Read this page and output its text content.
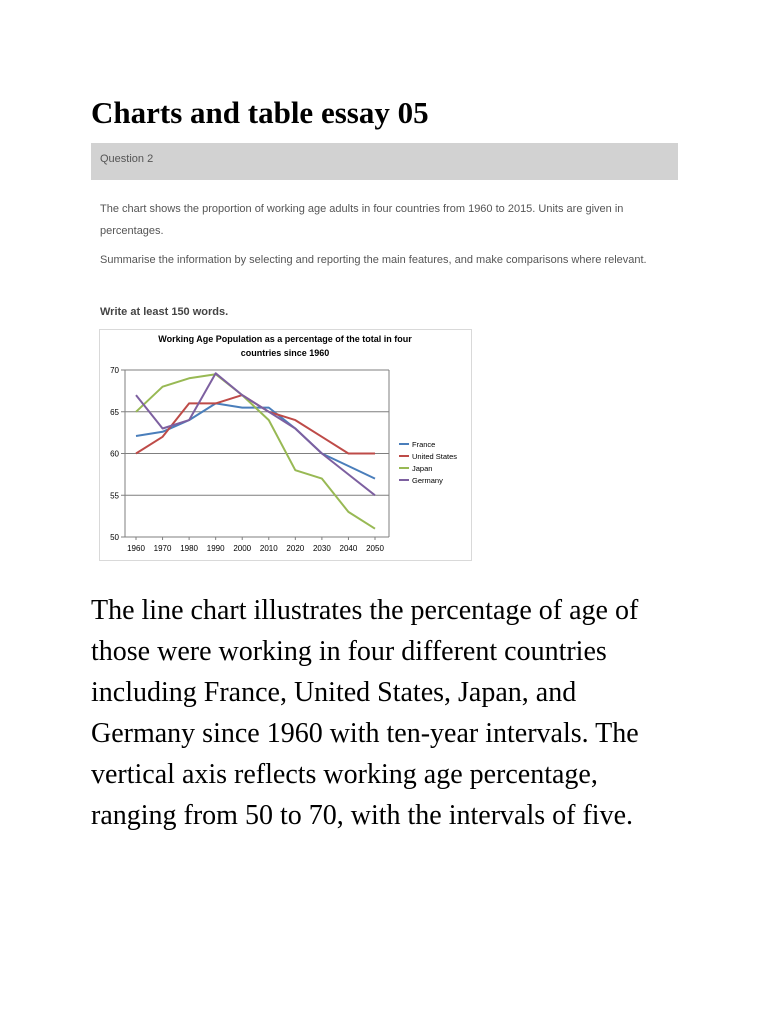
Charts and table essay 05
Question 2

The chart shows the proportion of working age adults in four countries from 1960 to 2015. Units are given in percentages.

Summarise the information by selecting and reporting the main features, and make comparisons where relevant.

Write at least 150 words.

Working Age Population as a percentage of the total in four
countries since 1960
50
55
60
65
70
1960 1970 1980 1990 2000 2010 2020 2030 2040 2050
France
United States
Japan
Germany

The line chart illustrates the percentage of age of those were working in four different countries including France, United States, Japan, and Germany since 1960 with ten-year intervals. The vertical axis reflects working age percentage, ranging from 50 to 70, with the intervals of five.
